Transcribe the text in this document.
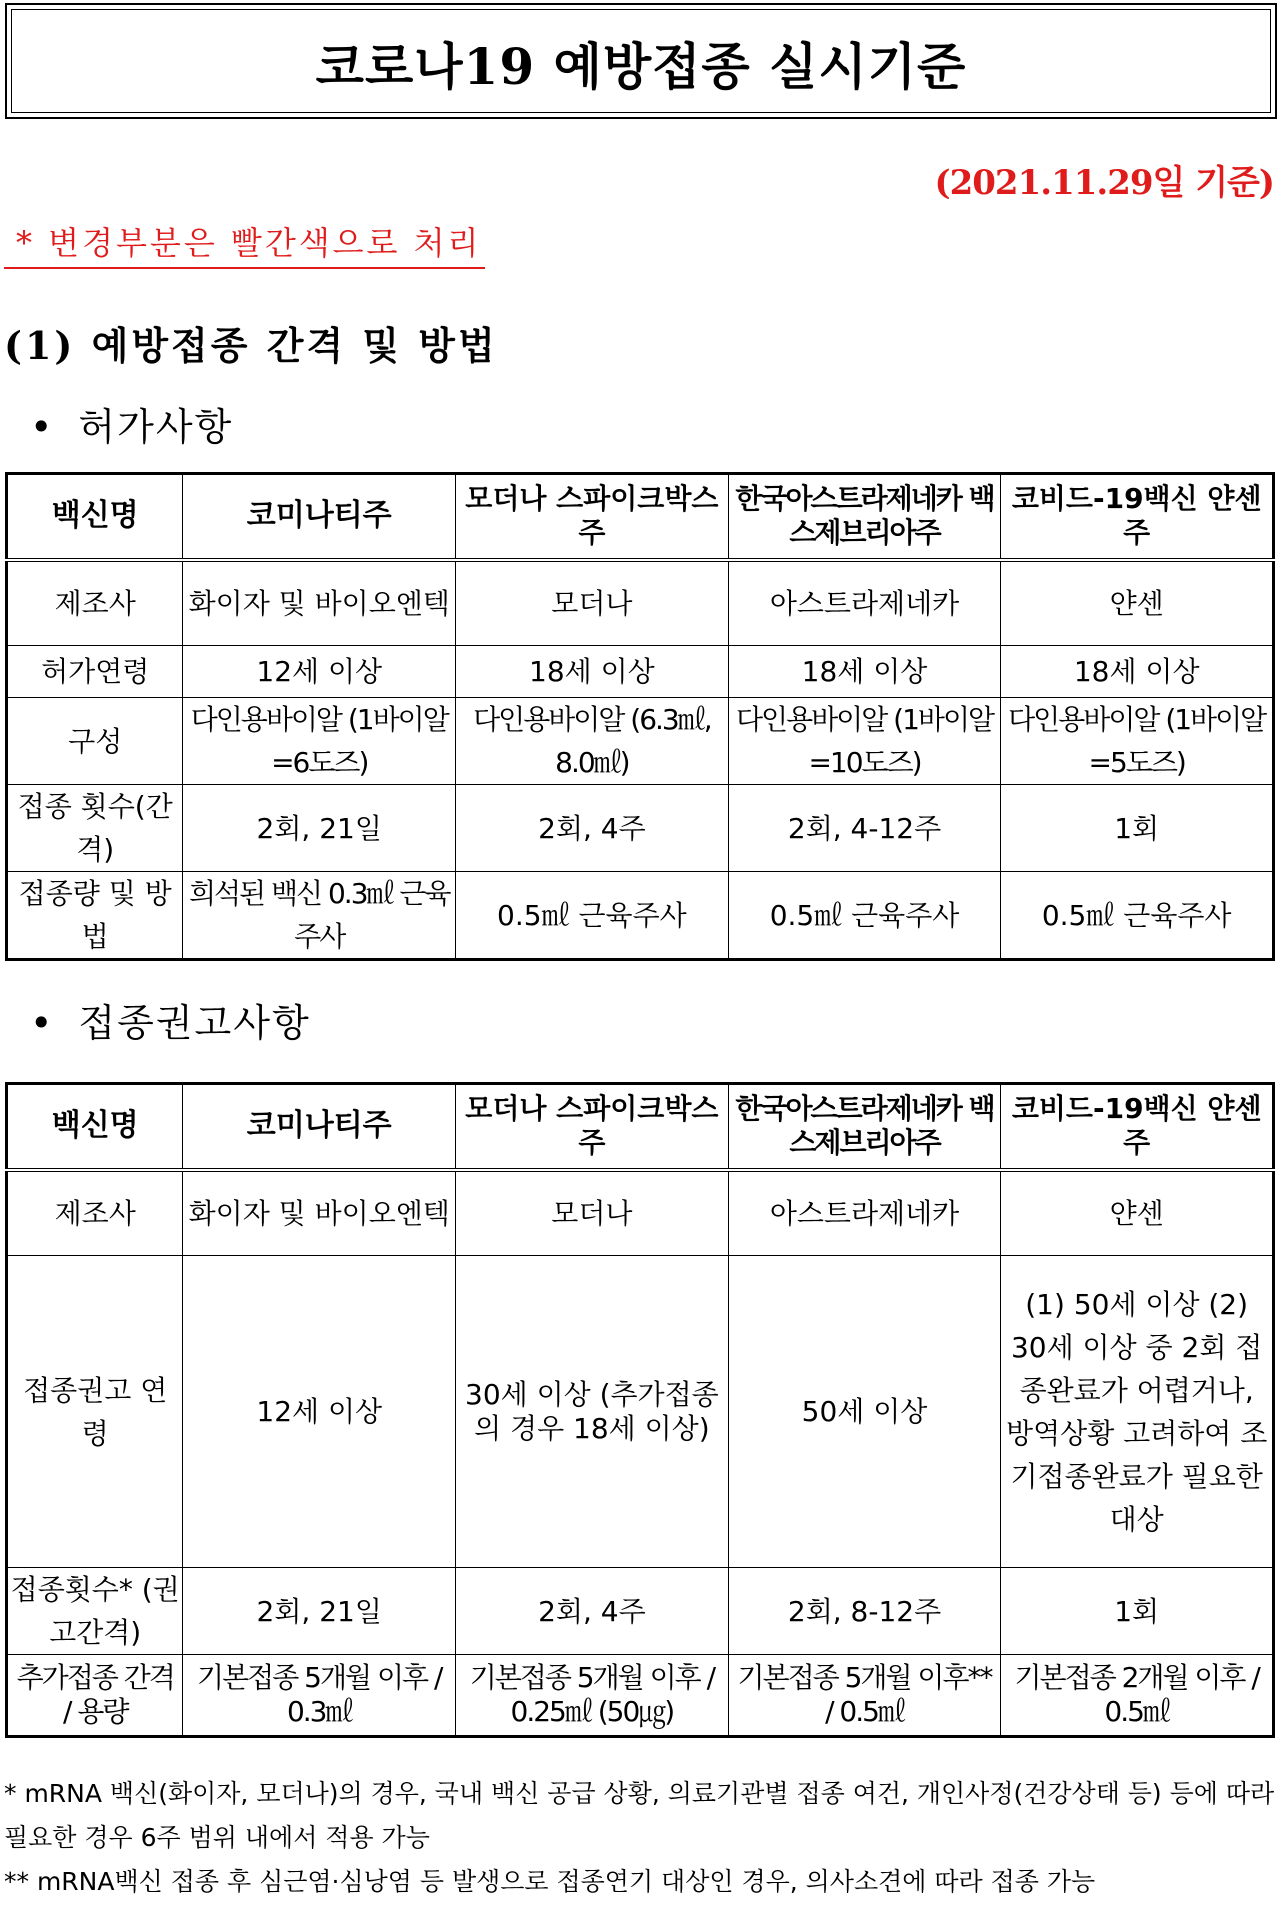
코로나19 예방접종 실시기준
(2021.11.29일 기준)
* 변경부분은 빨간색으로 처리
(1) 예방접종 간격 및 방법
• 허가사항
백신명	코미나티주	모더나 스파이크박스주	한국아스트라제네카 백스제브리아주	코비드-19백신 얀센주
제조사	화이자 및 바이오엔텍	모더나	아스트라제네카	얀센
허가연령	12세 이상	18세 이상	18세 이상	18세 이상
구성	다인용바이알 (1바이알=6도즈)	다인용바이알 (6.3㎖, 8.0㎖)	다인용바이알 (1바이알=10도즈)	다인용바이알 (1바이알=5도즈)
접종 횟수(간격)	2회, 21일	2회, 4주	2회, 4-12주	1회
접종량 및 방법	희석된 백신 0.3㎖ 근육주사	0.5㎖ 근육주사	0.5㎖ 근육주사	0.5㎖ 근육주사
• 접종권고사항
백신명	코미나티주	모더나 스파이크박스주	한국아스트라제네카 백스제브리아주	코비드-19백신 얀센주
제조사	화이자 및 바이오엔텍	모더나	아스트라제네카	얀센
접종권고 연령	12세 이상	30세 이상 (추가접종의 경우 18세 이상)	50세 이상	(1) 50세 이상 (2) 30세 이상 중 2회 접종완료가 어렵거나, 방역상황 고려하여 조기접종완료가 필요한 대상
접종횟수* (권고간격)	2회, 21일	2회, 4주	2회, 8-12주	1회
추가접종 간격 / 용량	기본접종 5개월 이후 / 0.3㎖	기본접종 5개월 이후 / 0.25㎖ (50㎍)	기본접종 5개월 이후** / 0.5㎖	기본접종 2개월 이후 / 0.5㎖
* mRNA 백신(화이자, 모더나)의 경우, 국내 백신 공급 상황, 의료기관별 접종 여건, 개인사정(건강상태 등) 등에 따라 필요한 경우 6주 범위 내에서 적용 가능
** mRNA백신 접종 후 심근염·심낭염 등 발생으로 접종연기 대상인 경우, 의사소견에 따라 접종 가능
